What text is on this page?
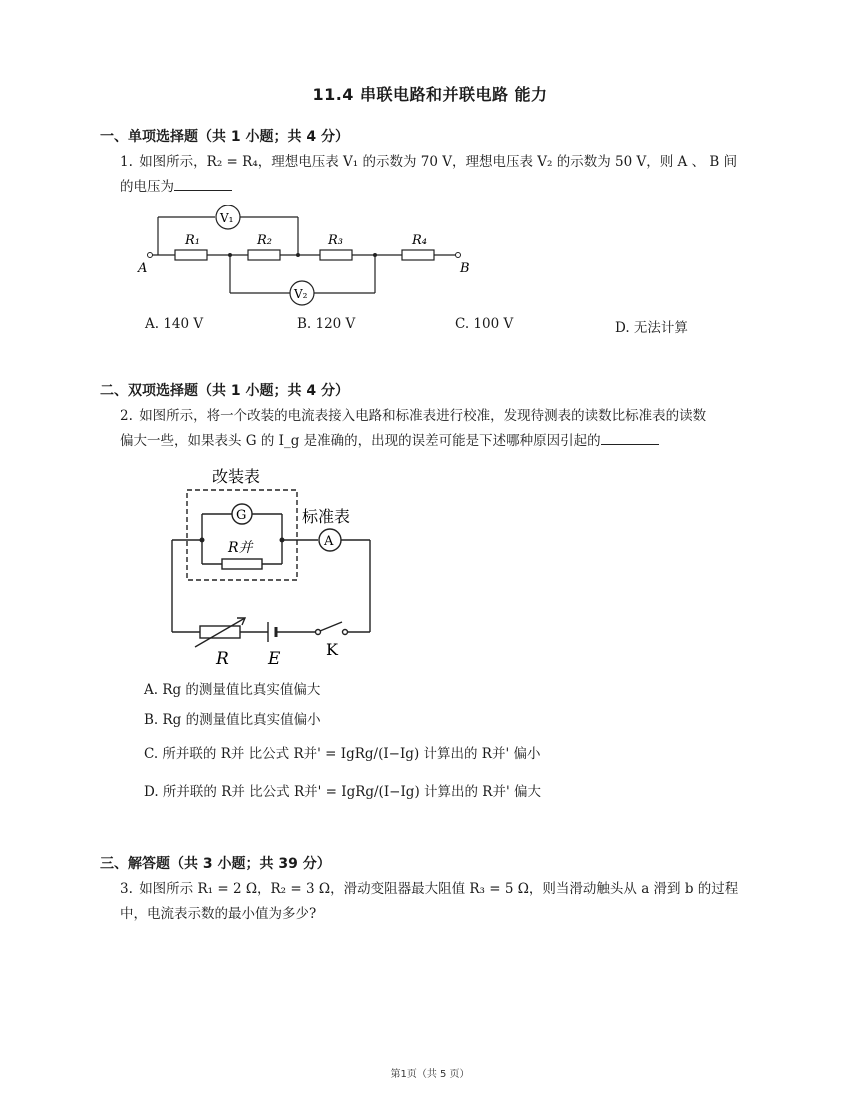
11.4 串联电路和并联电路 能力
一、单项选择题（共 1 小题；共 4 分）
1. 如图所示，R₂ = R₄，理想电压表 V₁ 的示数为 70 V，理想电压表 V₂ 的示数为 50 V，则 A 、 B 间
的电压为
R₁	R₂	R₃	R₄
V₁
V₂
A	B
A. 140 V	B. 120 V	C. 100 V	D. 无法计算
二、双项选择题（共 1 小题；共 4 分）
2. 如图所示，将一个改装的电流表接入电路和标准表进行校准，发现待测表的读数比标准表的读数
偏大一些，如果表头 G 的 I_g 是准确的，出现的误差可能是下述哪种原因引起的
改装表
标准表
G
A
R并
R E	K
A. Rg 的测量值比真实值偏大
B. Rg 的测量值比真实值偏小
C. 所并联的 R并 比公式 R并' = IgRg/(I−Ig) 计算出的 R并' 偏小
D. 所并联的 R并 比公式 R并' = IgRg/(I−Ig) 计算出的 R并' 偏大
三、解答题（共 3 小题；共 39 分）
3. 如图所示 R₁ = 2 Ω，R₂ = 3 Ω，滑动变阻器最大阻值 R₃ = 5 Ω，则当滑动触头从 a 滑到 b 的过程
中，电流表示数的最小值为多少?
第1页（共 5 页）
